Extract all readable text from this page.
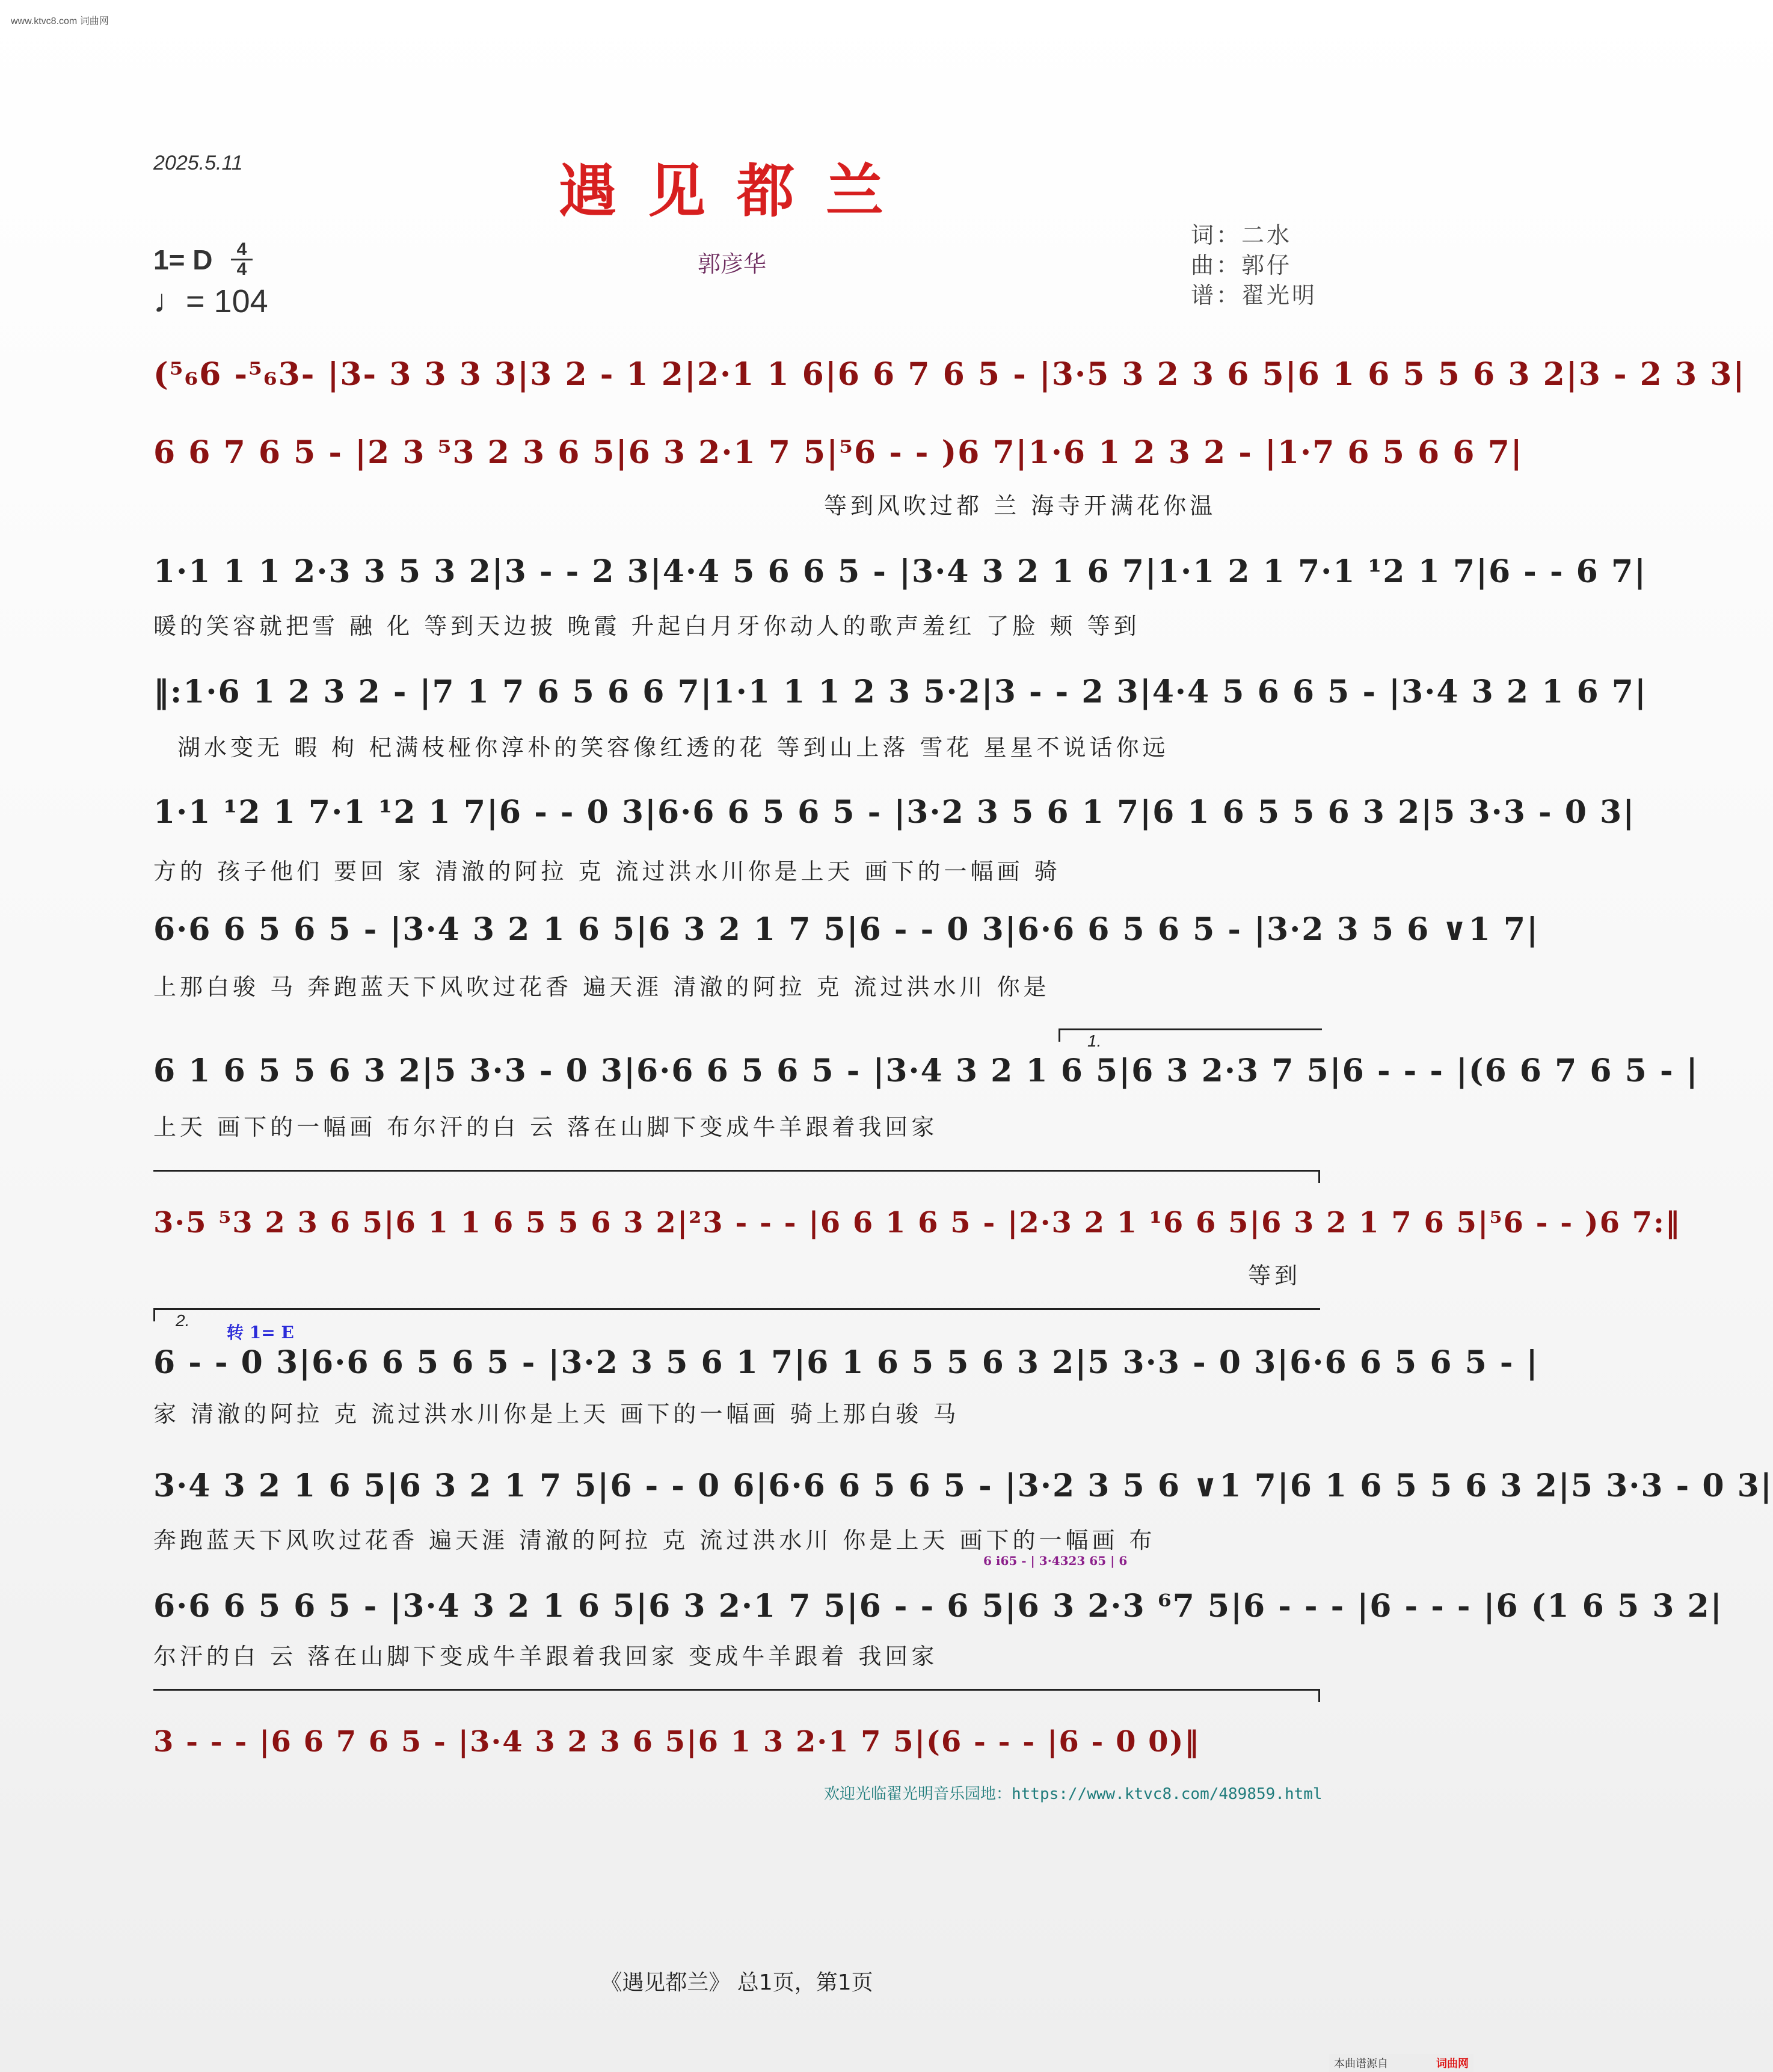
www.ktvc8.com 词曲网
2025.5.11	遇见都兰
郭彦华
词：二水
曲：郭仔
谱：翟光明
1= D	4
4
♩= 104
(⁵₆6 -⁵₆3- |3- 3 3 3 3|3 2 - 1 2|2·1 1 6|6 6 7 6 5 - |3·5 3 2 3 6 5|6 1 6 5 5 6 3 2|3 - 2 3 3|
6 6 7 6 5 - |2 3 ⁵3 2 3 6 5|6 3 2·1 7 5|⁵6 - - )6 7|1·6 1 2 3 2 - |1·7 6 5 6 6 7|
等到风吹过都 兰 海寺开满花你温
1·1 1 1 2·3 3 5 3 2|3 - - 2 3|4·4 5 6 6 5 - |3·4 3 2 1 6 7|1·1 2 1 7·1 ¹2 1 7|6 - - 6 7|
暖的笑容就把雪 融 化 等到天边披 晚霞 升起白月牙你动人的歌声羞红 了脸 颊 等到
‖:1·6 1 2 3 2 - |7 1 7 6 5 6 6 7|1·1 1 1 2 3 5·2|3 - - 2 3|4·4 5 6 6 5 - |3·4 3 2 1 6 7|
湖水变无 暇 枸 杞满枝桠你淳朴的笑容像红透的花 等到山上落 雪花 星星不说话你远
1·1 ¹2 1 7·1 ¹2 1 7|6 - - 0 3|6·6 6 5 6 5 - |3·2 3 5 6 1 7|6 1 6 5 5 6 3 2|5 3·3 - 0 3|
方的 孩子他们 要回 家 清澈的阿拉 克 流过洪水川你是上天 画下的一幅画 骑
6·6 6 5 6 5 - |3·4 3 2 1 6 5|6 3 2 1 7 5|6 - - 0 3|6·6 6 5 6 5 - |3·2 3 5 6 ∨1 7|
上那白骏 马 奔跑蓝天下风吹过花香 遍天涯 清澈的阿拉 克 流过洪水川 你是
1.
6 1 6 5 5 6 3 2|5 3·3 - 0 3|6·6 6 5 6 5 - |3·4 3 2 1 6 5|6 3 2·3 7 5|6 - - - |(6 6 7 6 5 - |
上天 画下的一幅画 布尔汗的白 云 落在山脚下变成牛羊跟着我回家
3·5 ⁵3 2 3 6 5|6 1 1 6 5 5 6 3 2|²3 - - - |6 6 1 6 5 - |2·3 2 1 ¹6 6 5|6 3 2 1 7 6 5|⁵6 - - )6 7:‖
等到
2.
转 1= E
6 - - 0 3|6·6 6 5 6 5 - |3·2 3 5 6 1 7|6 1 6 5 5 6 3 2|5 3·3 - 0 3|6·6 6 5 6 5 - |
家 清澈的阿拉 克 流过洪水川你是上天 画下的一幅画 骑上那白骏 马
3·4 3 2 1 6 5|6 3 2 1 7 5|6 - - 0 6|6·6 6 5 6 5 - |3·2 3 5 6 ∨1 7|6 1 6 5 5 6 3 2|5 3·3 - 0 3|
奔跑蓝天下风吹过花香 遍天涯 清澈的阿拉 克 流过洪水川 你是上天 画下的一幅画 布
6 i65 - | 3·4323 65 | 6
6·6 6 5 6 5 - |3·4 3 2 1 6 5|6 3 2·1 7 5|6 - - 6 5|6 3 2·3 ⁶7 5|6 - - - |6 - - - |6 (1 6 5 3 2|
尔汗的白 云 落在山脚下变成牛羊跟着我回家 变成牛羊跟着 我回家
3 - - - |6 6 7 6 5 - |3·4 3 2 3 6 5|6 1 3 2·1 7 5|(6 - - - |6 - 0 0)‖
欢迎光临翟光明音乐园地：https://www.ktvc8.com/489859.html
《遇见都兰》 总1页，第1页
本曲谱源自	词曲网
